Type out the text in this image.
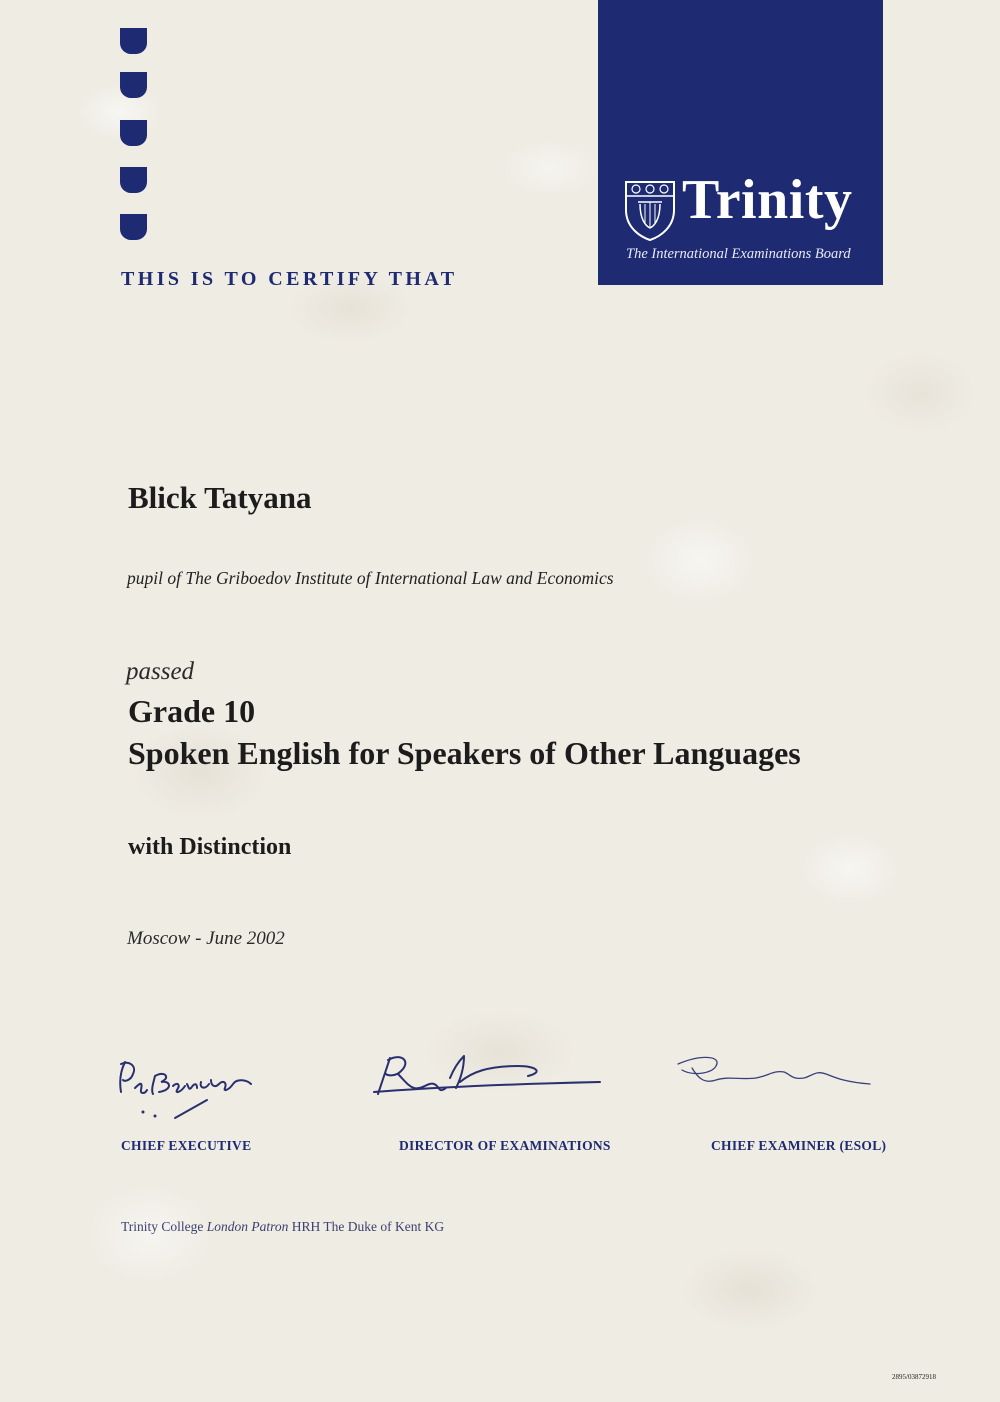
Trinity
The International Examinations Board
THIS IS TO CERTIFY THAT
Blick Tatyana
pupil of The Griboedov Institute of International Law and Economics
passed
Grade 10
Spoken English for Speakers of Other Languages
with Distinction
Moscow - June 2002
CHIEF EXECUTIVE	DIRECTOR OF EXAMINATIONS	CHIEF EXAMINER (ESOL)
Trinity College London Patron HRH The Duke of Kent KG
2895/03872918
